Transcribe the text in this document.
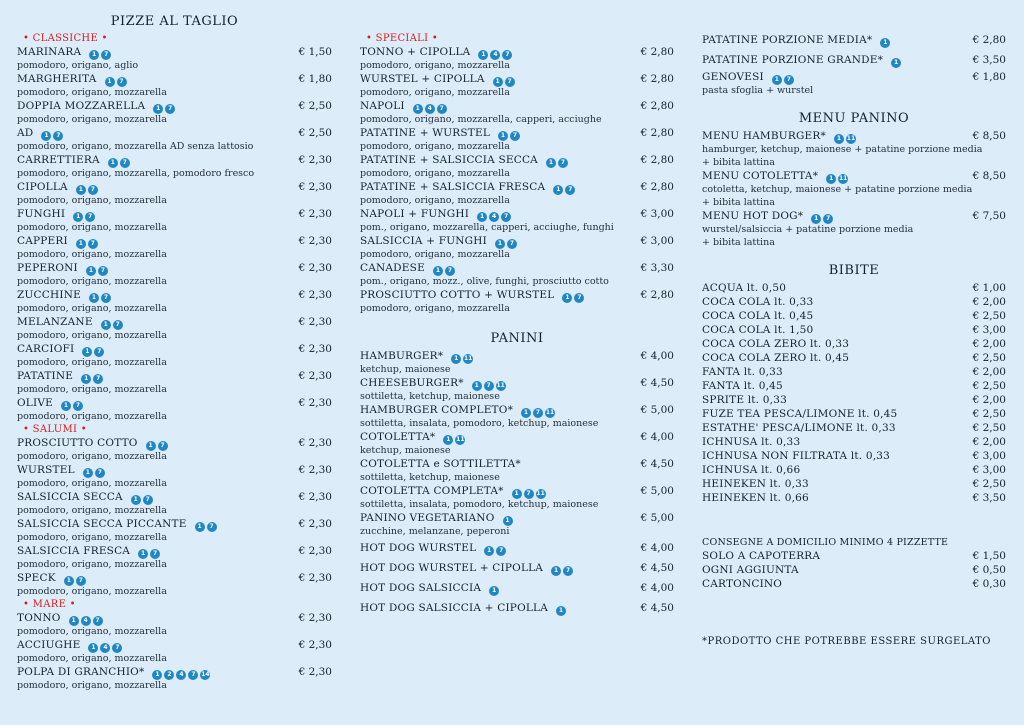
PIZZE AL TAGLIO
• CLASSICHE •
MARINARA 1 7	€ 1,50
pomodoro, origano, aglio
MARGHERITA 1 7	€ 1,80
pomodoro, origano, mozzarella
DOPPIA MOZZARELLA 1 7	€ 2,50
pomodoro, origano, mozzarella
AD 1 7	€ 2,50
pomodoro, origano, mozzarella AD senza lattosio
CARRETTIERA 1 7	€ 2,30
pomodoro, origano, mozzarella, pomodoro fresco
CIPOLLA 1 7	€ 2,30
pomodoro, origano, mozzarella
FUNGHI 1 7	€ 2,30
pomodoro, origano, mozzarella
CAPPERI 1 7	€ 2,30
pomodoro, origano, mozzarella
PEPERONI 1 7	€ 2,30
pomodoro, origano, mozzarella
ZUCCHINE 1 7	€ 2,30
pomodoro, origano, mozzarella
MELANZANE 1 7	€ 2,30
pomodoro, origano, mozzarella
CARCIOFI 1 7	€ 2,30
pomodoro, origano, mozzarella
PATATINE 1 7	€ 2,30
pomodoro, origano, mozzarella
OLIVE 1 7	€ 2,30
pomodoro, origano, mozzarella
• SALUMI •
PROSCIUTTO COTTO 1 7	€ 2,30
pomodoro, origano, mozzarella
WURSTEL 1 7	€ 2,30
pomodoro, origano, mozzarella
SALSICCIA SECCA 1 7	€ 2,30
pomodoro, origano, mozzarella
SALSICCIA SECCA PICCANTE 1 7	€ 2,30
pomodoro, origano, mozzarella
SALSICCIA FRESCA 1 7	€ 2,30
pomodoro, origano, mozzarella
SPECK 1 7	€ 2,30
pomodoro, origano, mozzarella
• MARE •
TONNO 1 4 7	€ 2,30
pomodoro, origano, mozzarella
ACCIUGHE 1 4 7	€ 2,30
pomodoro, origano, mozzarella
POLPA DI GRANCHIO* 1 2 4 7 14	€ 2,30
pomodoro, origano, mozzarella
• SPECIALI •
TONNO + CIPOLLA 1 4 7	€ 2,80
pomodoro, origano, mozzarella
WURSTEL + CIPOLLA 1 7	€ 2,80
pomodoro, origano, mozzarella
NAPOLI 1 4 7	€ 2,80
pomodoro, origano, mozzarella, capperi, acciughe
PATATINE + WURSTEL 1 7	€ 2,80
pomodoro, origano, mozzarella
PATATINE + SALSICCIA SECCA 1 7	€ 2,80
pomodoro, origano, mozzarella
PATATINE + SALSICCIA FRESCA 1 7	€ 2,80
pomodoro, origano, mozzarella
NAPOLI + FUNGHI 1 4 7	€ 3,00
pom., origano, mozzarella, capperi, acciughe, funghi
SALSICCIA + FUNGHI 1 7	€ 3,00
pomodoro, origano, mozzarella
CANADESE 1 7	€ 3,30
pom., origano, mozz., olive, funghi, prosciutto cotto
PROSCIUTTO COTTO + WURSTEL 1 7	€ 2,80
pomodoro, origano, mozzarella
PANINI
HAMBURGER* 1 11	€ 4,00
ketchup, maionese
CHEESEBURGER* 1 7 11	€ 4,50
sottiletta, ketchup, maionese
HAMBURGER COMPLETO* 1 7 11	€ 5,00
sottiletta, insalata, pomodoro, ketchup, maionese
COTOLETTA* 1 11	€ 4,00
ketchup, maionese
COTOLETTA e SOTTILETTA*	€ 4,50
sottiletta, ketchup, maionese
COTOLETTA COMPLETA* 1 7 11	€ 5,00
sottiletta, insalata, pomodoro, ketchup, maionese
PANINO VEGETARIANO 1	€ 5,00
zucchine, melanzane, peperoni
HOT DOG WURSTEL 1 7	€ 4,00
HOT DOG WURSTEL + CIPOLLA 1 7	€ 4,50
HOT DOG SALSICCIA 1	€ 4,00
HOT DOG SALSICCIA + CIPOLLA 1	€ 4,50
PATATINE PORZIONE MEDIA* 1	€ 2,80
PATATINE PORZIONE GRANDE* 1	€ 3,50
GENOVESI 1 7	€ 1,80
pasta sfoglia + wurstel
MENU PANINO
MENU HAMBURGER* 1 11	€ 8,50
hamburger, ketchup, maionese + patatine porzione media
+ bibita lattina
MENU COTOLETTA* 1 11	€ 8,50
cotoletta, ketchup, maionese + patatine porzione media
+ bibita lattina
MENU HOT DOG* 1 7	€ 7,50
wurstel/salsiccia + patatine porzione media
+ bibita lattina
BIBITE
ACQUA lt. 0,50	€ 1,00
COCA COLA lt. 0,33	€ 2,00
COCA COLA lt. 0,45	€ 2,50
COCA COLA lt. 1,50	€ 3,00
COCA COLA ZERO lt. 0,33	€ 2,00
COCA COLA ZERO lt. 0,45	€ 2,50
FANTA lt. 0,33	€ 2,00
FANTA lt. 0,45	€ 2,50
SPRITE lt. 0,33	€ 2,00
FUZE TEA PESCA/LIMONE lt. 0,45	€ 2,50
ESTATHE' PESCA/LIMONE lt. 0,33	€ 2,50
ICHNUSA lt. 0,33	€ 2,00
ICHNUSA NON FILTRATA lt. 0,33	€ 3,00
ICHNUSA lt. 0,66	€ 3,00
HEINEKEN lt. 0,33	€ 2,50
HEINEKEN lt. 0,66	€ 3,50
CONSEGNE A DOMICILIO MINIMO 4 PIZZETTE
SOLO A CAPOTERRA	€ 1,50
OGNI AGGIUNTA	€ 0,50
CARTONCINO	€ 0,30
*PRODOTTO CHE POTREBBE ESSERE SURGELATO
